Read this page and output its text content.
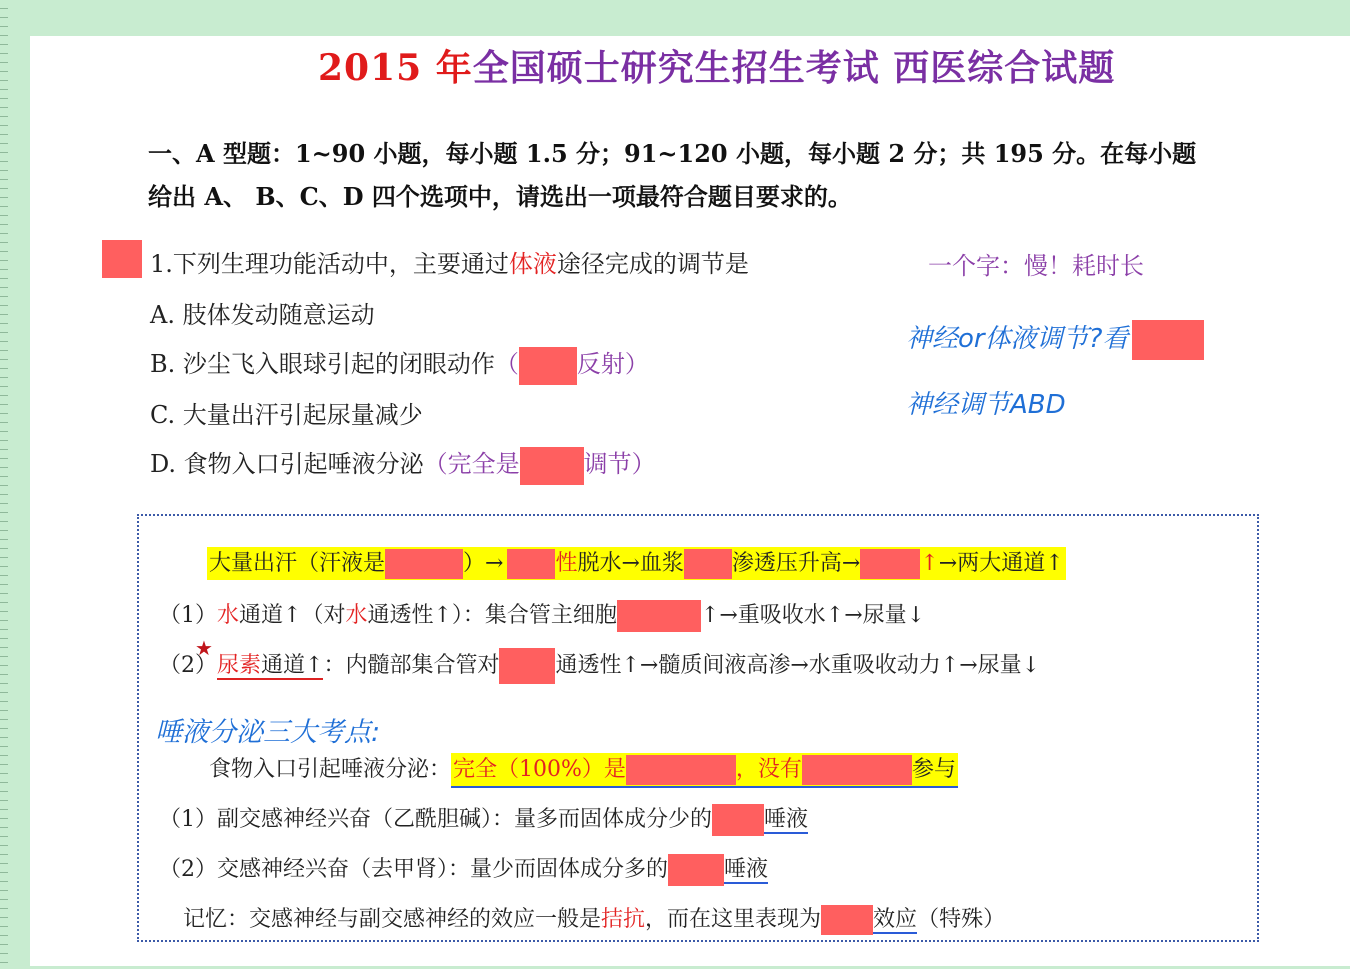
2015 年全国硕士研究生招生考试 西医综合试题
一、A 型题：1~90 小题，每小题 1.5 分；91~120 小题，每小题 2 分；共 195 分。在每小题
给出 A、 B、C、D 四个选项中，请选出一项最符合题目要求的。
1.下列生理功能活动中，主要通过体液途径完成的调节是
A. 肢体发动随意运动
B. 沙尘飞入眼球引起的闭眼动作（ 反射）
C. 大量出汗引起尿量减少
D. 食物入口引起唾液分泌（完全是	调节）
一个字：慢！耗时长
神经or体液调节?看
神经调节ABD
大量出汗（汗液是	）→ 性脱水→血浆 渗透压升高→	↑→两大通道↑
（1）水通道↑（对水通透性↑）：集合管主细胞	↑→重吸收水↑→尿量↓
★
（2）尿素通道↑：内髓部集合管对	通透性↑→髓质间液高渗→水重吸收动力↑→尿量↓
唾液分泌三大考点:
食物入口引起唾液分泌：完全（100%）是	，没有	参与
（1）副交感神经兴奋（乙酰胆碱）：量多而固体成分少的 唾液
（2）交感神经兴奋（去甲肾）：量少而固体成分多的	唾液
记忆：交感神经与副交感神经的效应一般是拮抗，而在这里表现为 效应（特殊）
